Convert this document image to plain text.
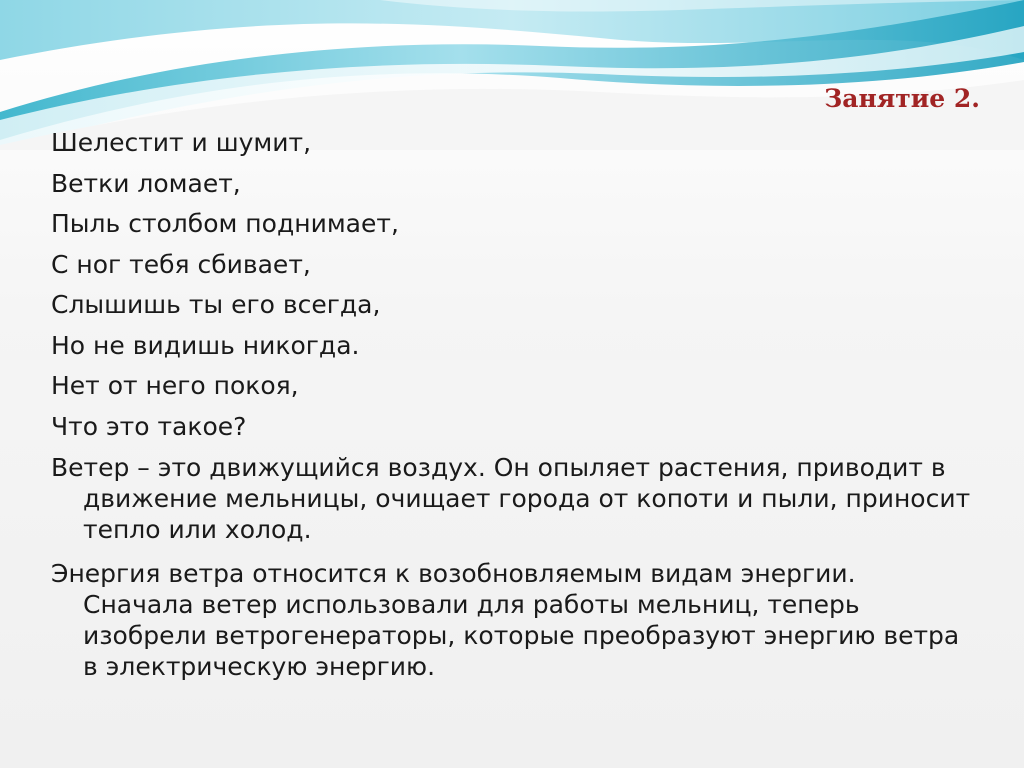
Занятие 2.

Шелестит и шумит,

Ветки ломает,

Пыль столбом поднимает,

С ног тебя сбивает,

Слышишь ты его всегда,

Но не видишь никогда.

Нет от него покоя,

Что это такое?

Ветер – это движущийся воздух. Он опыляет растения, приводит в движение мельницы, очищает города от копоти и пыли, приносит тепло или холод.

Энергия ветра относится к возобновляемым видам энергии. Сначала ветер использовали для работы мельниц, теперь изобрели ветрогенераторы, которые преобразуют энергию ветра в электрическую энергию.
